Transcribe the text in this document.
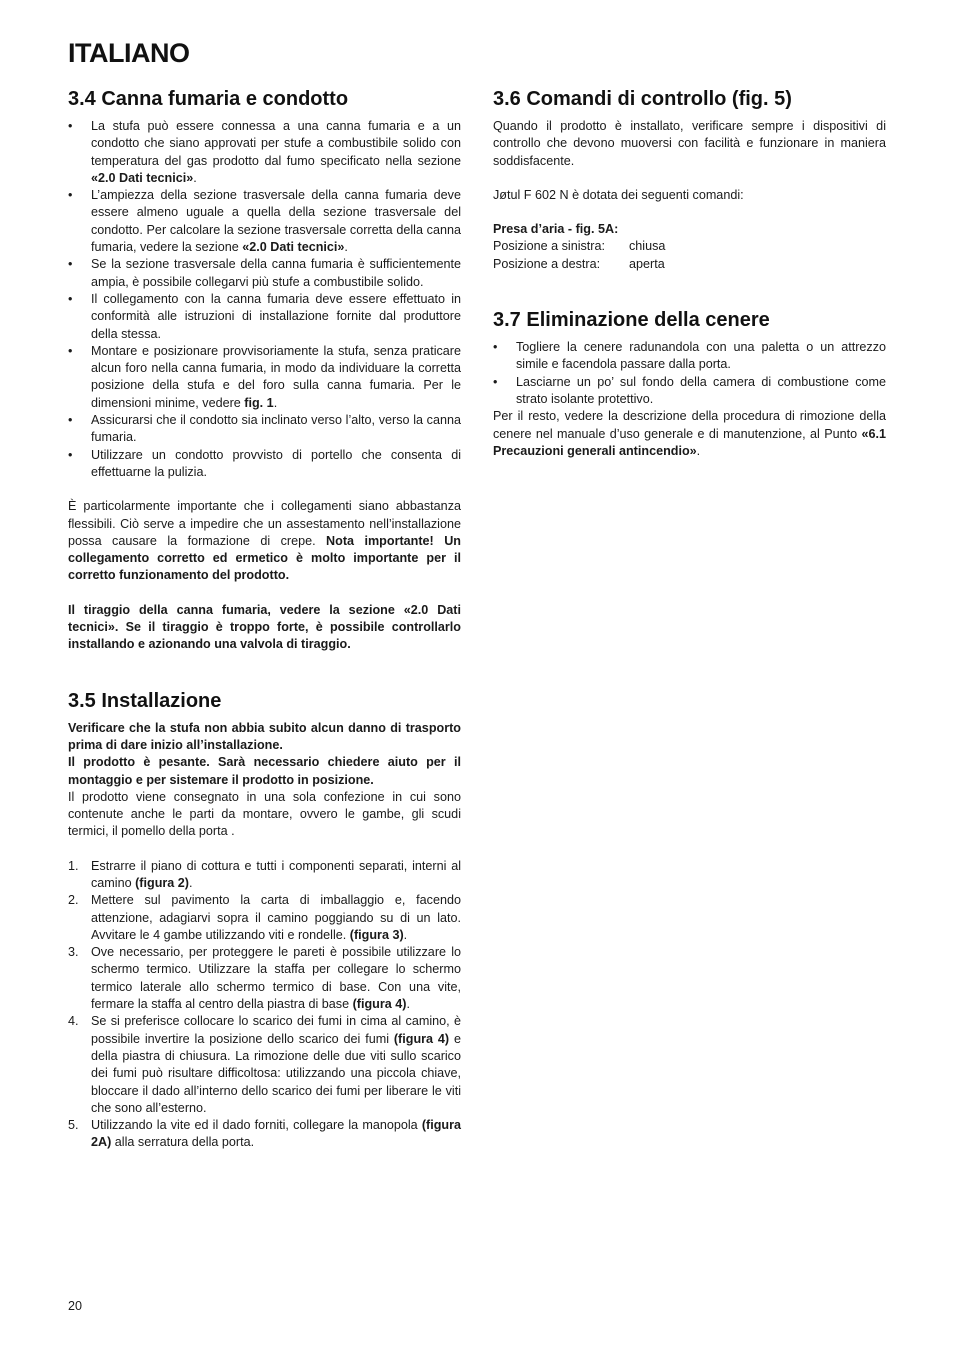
ITALIANO
3.4 Canna fumaria e condotto
• La stufa può essere connessa a una canna fumaria e a un condotto che siano approvati per stufe a combustibile solido con temperatura del gas prodotto dal fumo specificato nella sezione «2.0 Dati tecnici».
• L’ampiezza della sezione trasversale della canna fumaria deve essere almeno uguale a quella della sezione trasversale del condotto. Per calcolare la sezione trasversale corretta della canna fumaria, vedere la sezione «2.0 Dati tecnici».
• Se la sezione trasversale della canna fumaria è sufficientemente ampia, è possibile collegarvi più stufe a combustibile solido.
• Il collegamento con la canna fumaria deve essere effettuato in conformità alle istruzioni di installazione fornite dal produttore della stessa.
• Montare e posizionare provvisoriamente la stufa, senza praticare alcun foro nella canna fumaria, in modo da individuare la corretta posizione della stufa e del foro sulla canna fumaria. Per le dimensioni minime, vedere fig. 1.
• Assicurarsi che il condotto sia inclinato verso l’alto, verso la canna fumaria.
• Utilizzare un condotto provvisto di portello che consenta di effettuarne la pulizia.

È particolarmente importante che i collegamenti siano abbastanza flessibili. Ciò serve a impedire che un assestamento nell’installazione possa causare la formazione di crepe. Nota importante! Un collegamento corretto ed ermetico è molto importante per il corretto funzionamento del prodotto.

Il tiraggio della canna fumaria, vedere la sezione «2.0 Dati tecnici». Se il tiraggio è troppo forte, è possibile controllarlo installando e azionando una valvola di tiraggio.

3.5 Installazione

Verificare che la stufa non abbia subito alcun danno di trasporto prima di dare inizio all’installazione.

Il prodotto è pesante. Sarà necessario chiedere aiuto per il montaggio e per sistemare il prodotto in posizione.

Il prodotto viene consegnato in una sola confezione in cui sono contenute anche le parti da montare, ovvero le gambe, gli scudi termici, il pomello della porta .

1. Estrarre il piano di cottura e tutti i componenti separati, interni al camino (figura 2).
2. Mettere sul pavimento la carta di imballaggio e, facendo attenzione, adagiarvi sopra il camino poggiando su di un lato. Avvitare le 4 gambe utilizzando viti e rondelle. (figura 3).
3. Ove necessario, per proteggere le pareti è possibile utilizzare lo schermo termico. Utilizzare la staffa per collegare lo schermo termico laterale allo schermo termico di base. Con una vite, fermare la staffa al centro della piastra di base (figura 4).
4. Se si preferisce collocare lo scarico dei fumi in cima al camino, è possibile invertire la posizione dello scarico dei fumi (figura 4) e della piastra di chiusura. La rimozione delle due viti sullo scarico dei fumi può risultare difficoltosa: utilizzando una piccola chiave, bloccare il dado all’interno dello scarico dei fumi per liberare le viti che sono all’esterno.
5. Utilizzando la vite ed il dado forniti, collegare la manopola (figura 2A) alla serratura della porta.
3.6 Comandi di controllo (fig. 5)

Quando il prodotto è installato, verificare sempre i dispositivi di controllo che devono muoversi con facilità e funzionare in maniera soddisfacente.

Jøtul F 602 N è dotata dei seguenti comandi:

Presa d’aria - fig. 5A:

Posizione a sinistra:	chiusa
Posizione a destra:	aperta
3.7 Eliminazione della cenere
• Togliere la cenere radunandola con una paletta o un attrezzo simile e facendola passare dalla porta.
• Lasciarne un po’ sul fondo della camera di combustione come strato isolante protettivo.

Per il resto, vedere la descrizione della procedura di rimozione della cenere nel manuale d’uso generale e di manutenzione, al Punto «6.1 Precauzioni generali antincendio».

20
